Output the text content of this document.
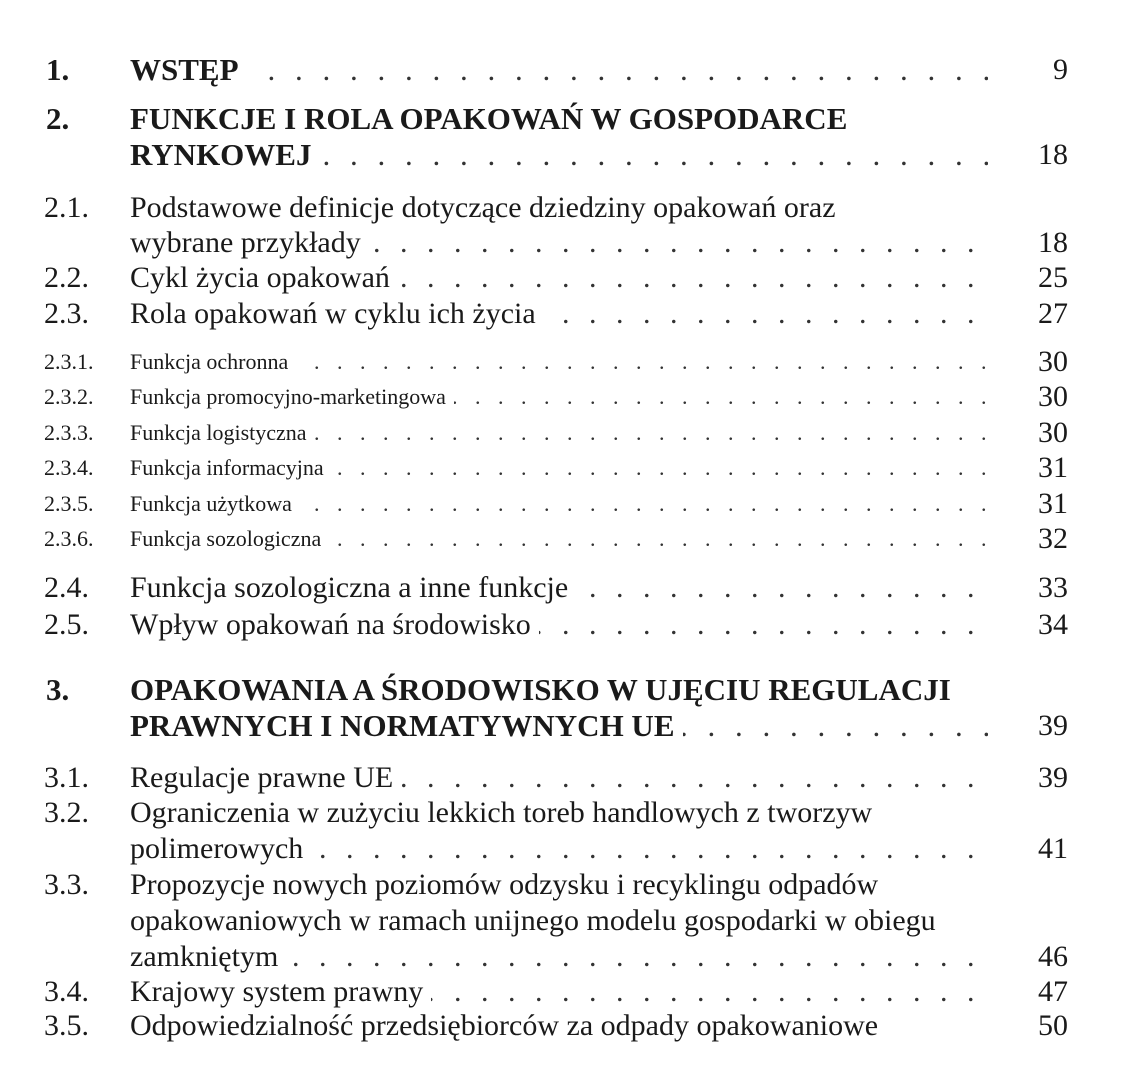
1. WSTĘP . . .	9
2. FUNKCJE I ROLA OPAKOWAŃ W GOSPODARCE
RYNKOWEJ . . .	18
2.1. Podstawowe definicje dotyczące dziedziny opakowań oraz
wybrane przykłady . . .	18
2.2. Cykl życia opakowań . . .	25
2.3. Rola opakowań w cyklu ich życia . . .	27
2.3.1. Funkcja ochronna . . .	30
2.3.2. Funkcja promocyjno-marketingowa . . .	30
2.3.3. Funkcja logistyczna . . .	30
2.3.4. Funkcja informacyjna . . .	31
2.3.5. Funkcja użytkowa . . .	31
2.3.6. Funkcja sozologiczna . . .	32
2.4. Funkcja sozologiczna a inne funkcje . . .	33
2.5. Wpływ opakowań na środowisko . . .	34
3. OPAKOWANIA A ŚRODOWISKO W UJĘCIU REGULACJI
PRAWNYCH I NORMATYWNYCH UE . . .	39
3.1. Regulacje prawne UE . . .	39
3.2. Ograniczenia w zużyciu lekkich toreb handlowych z tworzyw
polimerowych . . .	41
3.3. Propozycje nowych poziomów odzysku i recyklingu odpadów
opakowaniowych w ramach unijnego modelu gospodarki w obiegu
zamkniętym . . .	46
3.4. Krajowy system prawny . . .	47
3.5. Odpowiedzialność przedsiębiorców za odpady opakowaniowe	50
